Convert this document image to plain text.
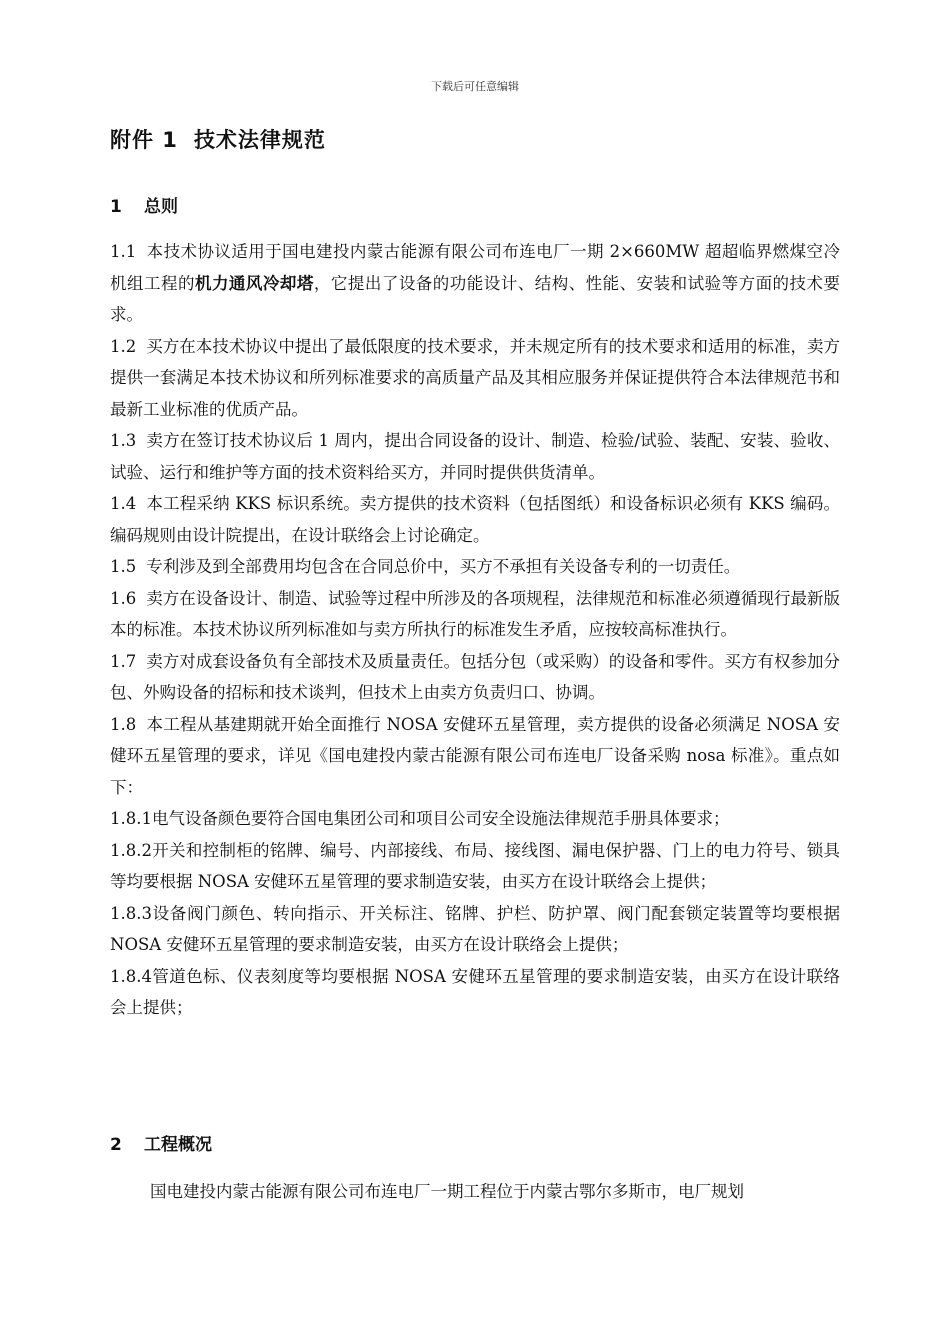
下载后可任意编辑
附件 1 技术法律规范
1 总则

1.1 本技术协议适用于国电建投内蒙古能源有限公司布连电厂一期 2×660MW 超超临界燃煤空冷机组工程的机力通风冷却塔，它提出了设备的功能设计、结构、性能、安装和试验等方面的技术要求。

1.2 买方在本技术协议中提出了最低限度的技术要求，并未规定所有的技术要求和适用的标准，卖方提供一套满足本技术协议和所列标准要求的高质量产品及其相应服务并保证提供符合本法律规范书和最新工业标准的优质产品。

1.3 卖方在签订技术协议后 1 周内，提出合同设备的设计、制造、检验/试验、装配、安装、验收、试验、运行和维护等方面的技术资料给买方，并同时提供供货清单。

1.4 本工程采纳 KKS 标识系统。卖方提供的技术资料（包括图纸）和设备标识必须有 KKS 编码。编码规则由设计院提出，在设计联络会上讨论确定。

1.5 专利涉及到全部费用均包含在合同总价中，买方不承担有关设备专利的一切责任。

1.6 卖方在设备设计、制造、试验等过程中所涉及的各项规程，法律规范和标准必须遵循现行最新版本的标准。本技术协议所列标准如与卖方所执行的标准发生矛盾，应按较高标准执行。

1.7 卖方对成套设备负有全部技术及质量责任。包括分包（或采购）的设备和零件。买方有权参加分包、外购设备的招标和技术谈判，但技术上由卖方负责归口、协调。

1.8 本工程从基建期就开始全面推行 NOSA 安健环五星管理，卖方提供的设备必须满足 NOSA 安健环五星管理的要求，详见《国电建投内蒙古能源有限公司布连电厂设备采购 nosa 标准》。重点如下：

1.8.1电气设备颜色要符合国电集团公司和项目公司安全设施法律规范手册具体要求；

1.8.2开关和控制柜的铭牌、编号、内部接线、布局、接线图、漏电保护器、门上的电力符号、锁具等均要根据 NOSA 安健环五星管理的要求制造安装，由买方在设计联络会上提供；

1.8.3设备阀门颜色、转向指示、开关标注、铭牌、护栏、防护罩、阀门配套锁定装置等均要根据 NOSA 安健环五星管理的要求制造安装，由买方在设计联络会上提供；

1.8.4管道色标、仪表刻度等均要根据 NOSA 安健环五星管理的要求制造安装，由买方在设计联络会上提供；

2 工程概况

国电建投内蒙古能源有限公司布连电厂一期工程位于内蒙古鄂尔多斯市，电厂规划
